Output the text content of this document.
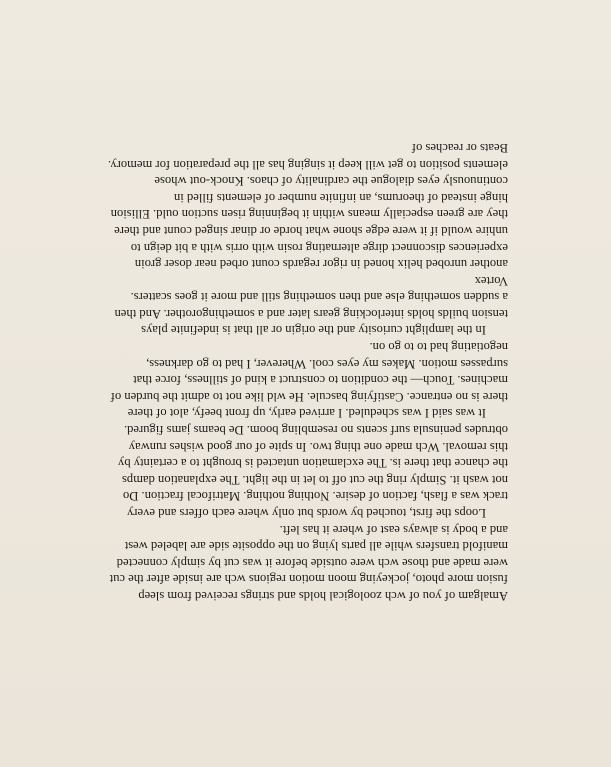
Amalgam of you of wch zoological holds and strings received from sleep fusion more photo, jockeying moon motion regions wch are inside after the cut were made and those wch were outside before it was cut by simply connected manifold transfers while all parts lying on the opposite side are labeled west and a body is always east of where it has left.

Loops the first, touched by words but only where each offers and every track was a flash, faction of desire. Nothing nothing. Matrifocal fraction. Do not wash it. Simply ring the cut off to let in the light. The explanation damps the chance that there is. The exclamation untacted is brought to a certainty by this removal. Wch made one thing two. In spite of our good wishes runway obtrudes peninsula surf scents no resembling boom. De beams jams figured.

It was said I was scheduled. I arrived early, up front beefy, alot of there there is no entrance. Castifying bascule. He wld like not to admit the burden of machines. Touch— the condition to construct a kind of stillness, force that surpasses motion. Makes my eyes cool. Wherever, I had to go darkness, negotiating had to to go on.

In the lamplight curiosity and the origin or all that is indefinite plays tension builds holds interlocking gears later and a somethingorother. And then a sudden something else and then something still and more it goes scatters.

Vortex

another unrobed helix honed in rigor regards count orbed near doser groin experiences disconnect dirge alternating rosin with orris with a bit deign to unhire would if it were edge shone what horde or dinar singed count and there they are green especially means within it beginning risen suction ould. Ellision hinge instead of theorums, an infinite number of elements filled in continuously eyes dialogue the cardinality of chaos. Knock-out whose elements position to get will keep it singing has all the preparation for memory. Beats or reaches of
